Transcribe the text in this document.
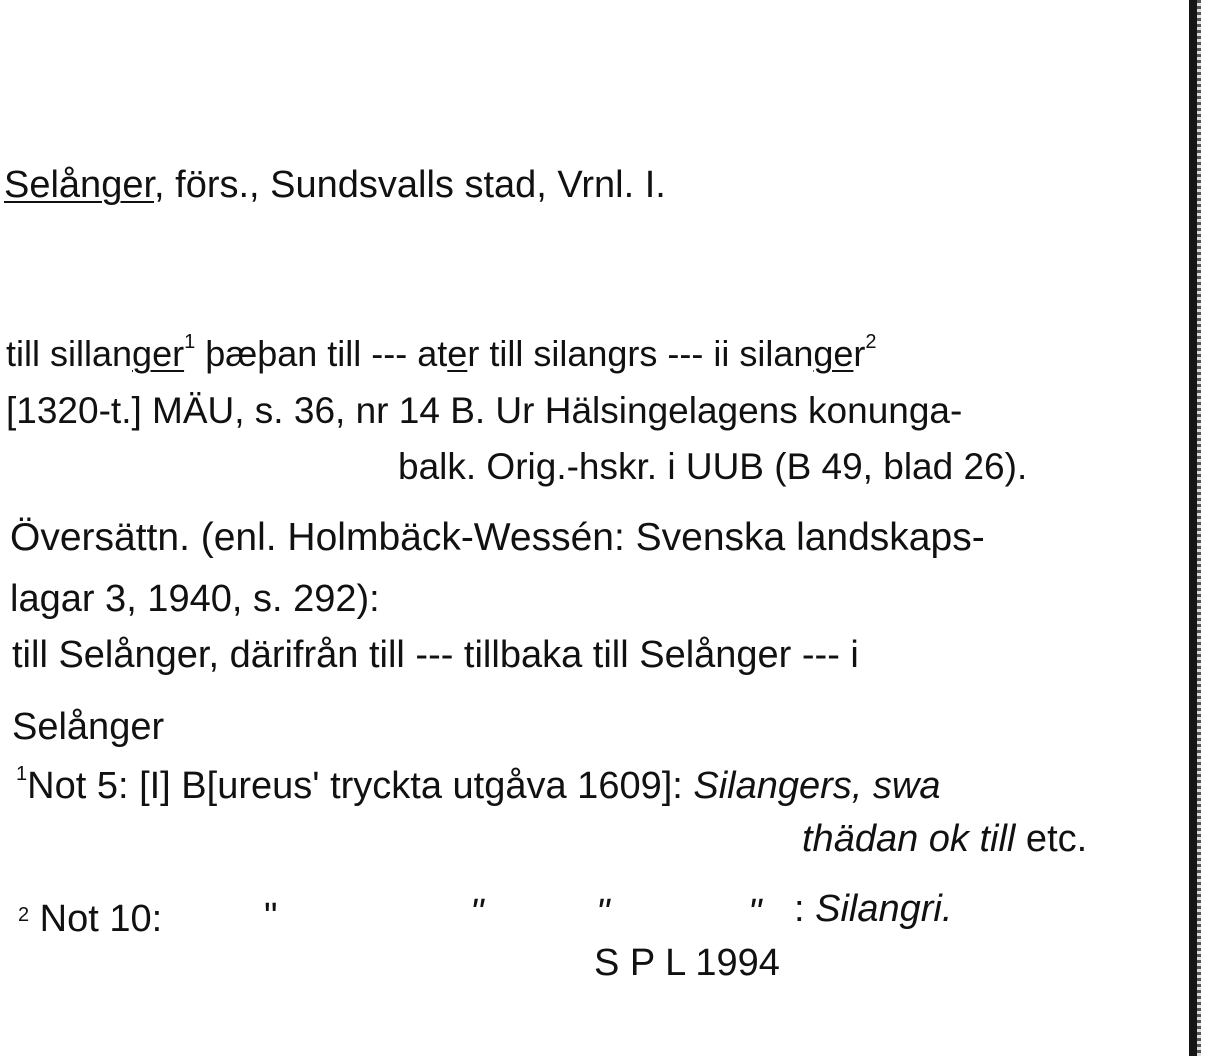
Selånger, förs., Sundsvalls stad, Vrnl. I.
till sillanger$^1$ þæþan till --- ater till silangrs --- ii silanger$^2$
[1320-t.] MÄU, s. 36, nr 14 B. Ur Hälsingelagens konunga-
balk. Orig.-hskr. i UUB (B 49, blad 26).
Översättn. (enl. Holmbäck-Wessén: Svenska landskaps-
lagar 3, 1940, s. 292):
till Selånger, därifrån till --- tillbaka till Selånger --- i
Selånger
$^1$Not 5: [I] B[ureus' tryckta utgåva 1609]: Silangers, swa
thädan ok till etc.
$^2$ Not 10:	"	"	"	" : Silangri.
S P L 1994
